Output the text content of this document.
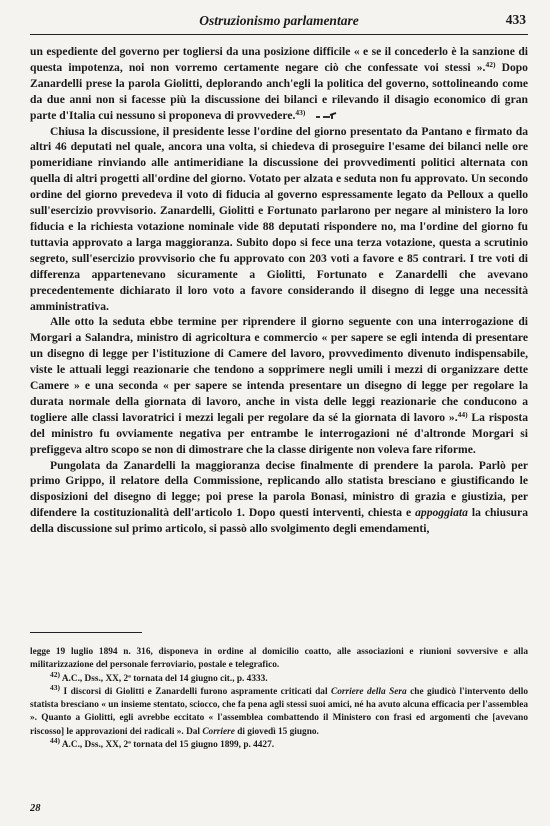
Ostruzionismo parlamentare	433

un espediente del governo per togliersi da una posizione difficile « e se il concederlo è la sanzione di questa impotenza, noi non vorremo certamente negare ciò che confessate voi stessi ».$^{42)}$ Dopo Zanardelli prese la parola Giolitti, deplorando anch'egli la politica del governo, sottolineando come da due anni non si facesse più la discussione dei bilanci e rilevando il disagio economico di gran parte d'Italia cui nessuno si proponeva di provvedere.$^{43)}$

Chiusa la discussione, il presidente lesse l'ordine del giorno presentato da Pantano e firmato da altri 46 deputati nel quale, ancora una volta, si chiedeva di proseguire l'esame dei bilanci nelle ore pomeridiane rinviando alle antimeridiane la discussione dei provvedimenti politici alternata con quella di altri progetti all'ordine del giorno. Votato per alzata e seduta non fu approvato. Un secondo ordine del giorno prevedeva il voto di fiducia al governo espressamente legato da Pelloux a quello sull'esercizio provvisorio. Zanardelli, Giolitti e Fortunato parlarono per negare al ministero la loro fiducia e la richiesta votazione nominale vide 88 deputati rispondere no, ma l'ordine del giorno fu tuttavia approvato a larga maggioranza. Subito dopo si fece una terza votazione, questa a scrutinio segreto, sull'esercizio provvisorio che fu approvato con 203 voti a favore e 85 contrari. I tre voti di differenza appartenevano sicuramente a Giolitti, Fortunato e Zanardelli che avevano precedentemente dichiarato il loro voto a favore considerando il disegno di legge una necessità amministrativa.

Alle otto la seduta ebbe termine per riprendere il giorno seguente con una interrogazione di Morgari a Salandra, ministro di agricoltura e commercio « per sapere se egli intenda di presentare un disegno di legge per l'istituzione di Camere del lavoro, provvedimento divenuto indispensabile, viste le attuali leggi reazionarie che tendono a sopprimere negli umili i mezzi di organizzare dette Camere » e una seconda « per sapere se intenda presentare un disegno di legge per regolare la durata normale della giornata di lavoro, anche in vista delle leggi reazionarie che conducono a togliere alle classi lavoratrici i mezzi legali per regolare da sé la giornata di lavoro ».$^{44)}$ La risposta del ministro fu ovviamente negativa per entrambe le interrogazioni né d'altronde Morgari si prefiggeva altro scopo se non di dimostrare che la classe dirigente non voleva fare riforme.

Pungolata da Zanardelli la maggioranza decise finalmente di prendere la parola. Parlò per primo Grippo, il relatore della Commissione, replicando allo statista bresciano e giustificando le disposizioni del disegno di legge; poi prese la parola Bonasi, ministro di grazia e giustizia, per difendere la costituzionalità dell'articolo 1. Dopo questi interventi, chiesta e appoggiata la chiusura della discussione sul primo articolo, si passò allo svolgimento degli emendamenti,

legge 19 luglio 1894 n. 316, disponeva in ordine al domicilio coatto, alle associazioni e riunioni sovversive e alla militarizzazione del personale ferroviario, postale e telegrafico.

$^{42)}$ A.C., Dss., XX, 2ª tornata del 14 giugno cit., p. 4333.

$^{43)}$ I discorsi di Giolitti e Zanardelli furono aspramente criticati dal Corriere della Sera che giudicò l'intervento dello statista bresciano « un insieme stentato, sciocco, che fa pena agli stessi suoi amici, né ha avuto alcuna efficacia per l'assemblea ». Quanto a Giolitti, egli avrebbe eccitato « l'assemblea combattendo il Ministero con frasi ed argomenti che [avevano riscosso] le approvazioni dei radicali ». Dal Corriere di giovedì 15 giugno.

$^{44)}$ A.C., Dss., XX, 2ª tornata del 15 giugno 1899, p. 4427.

28
